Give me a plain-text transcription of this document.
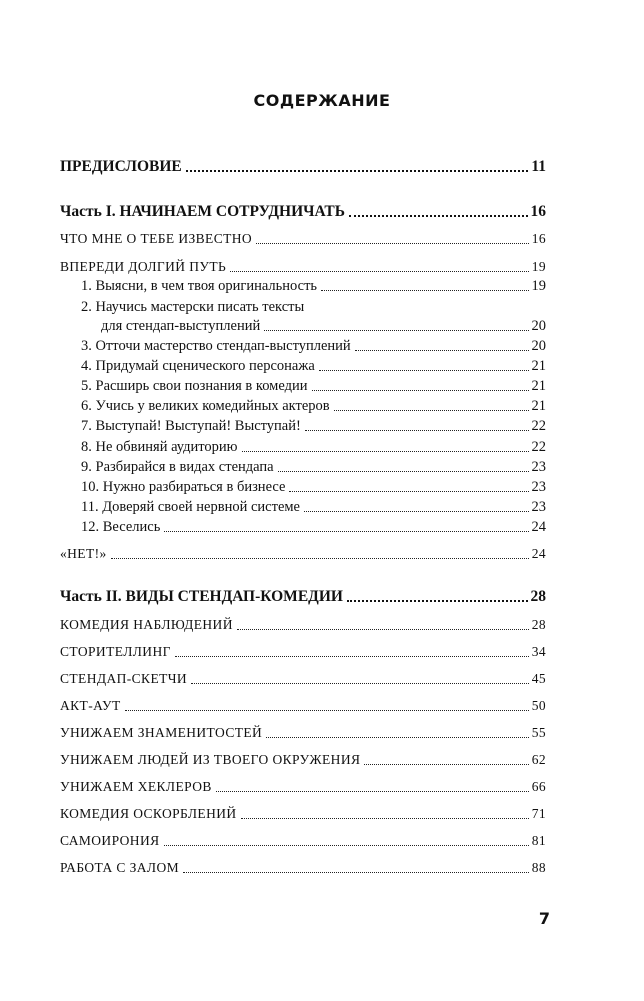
СОДЕРЖАНИЕ
ПРЕДИСЛОВИЕ	11
Часть I. НАЧИНАЕМ СОТРУДНИЧАТЬ	16
ЧТО МНЕ О ТЕБЕ ИЗВЕСТНО	16
ВПЕРЕДИ ДОЛГИЙ ПУТЬ	19
1. Выясни, в чем твоя оригинальность	19
2. Научись мастерски писать тексты
для стендап-выступлений	20
3. Отточи мастерство стендап-выступлений	20
4. Придумай сценического персонажа	21
5. Расширь свои познания в комедии	21
6. Учись у великих комедийных актеров	21
7. Выступай! Выступай! Выступай!	22
8. Не обвиняй аудиторию	22
9. Разбирайся в видах стендапа	23
10. Нужно разбираться в бизнесе	23
11. Доверяй своей нервной системе	23
12. Веселись	24
«НЕТ!»	24
Часть II. ВИДЫ СТЕНДАП-КОМЕДИИ	28
КОМЕДИЯ НАБЛЮДЕНИЙ	28
СТОРИТЕЛЛИНГ	34
СТЕНДАП-СКЕТЧИ	45
АКТ-АУТ	50
УНИЖАЕМ ЗНАМЕНИТОСТЕЙ	55
УНИЖАЕМ ЛЮДЕЙ ИЗ ТВОЕГО ОКРУЖЕНИЯ	62
УНИЖАЕМ ХЕКЛЕРОВ	66
КОМЕДИЯ ОСКОРБЛЕНИЙ	71
САМОИРОНИЯ	81
РАБОТА С ЗАЛОМ	88
7
